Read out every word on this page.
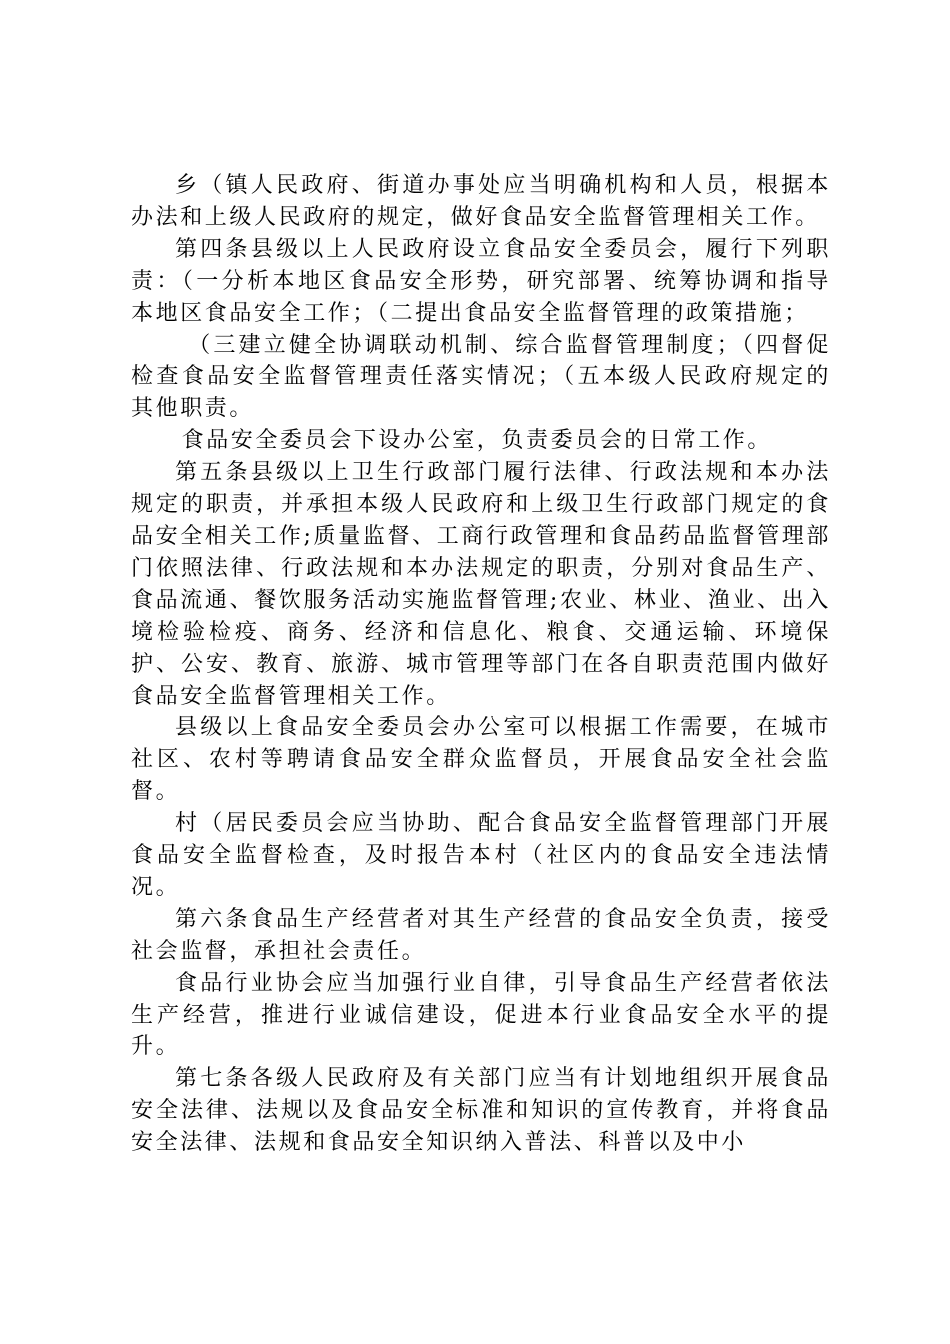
乡（镇人民政府、街道办事处应当明确机构和人员，根据本办法和上级人民政府的规定，做好食品安全监督管理相关工作。

第四条县级以上人民政府设立食品安全委员会，履行下列职责：（一分析本地区食品安全形势，研究部署、统筹协调和指导本地区食品安全工作；（二提出食品安全监督管理的政策措施；

（三建立健全协调联动机制、综合监督管理制度；（四督促检查食品安全监督管理责任落实情况；（五本级人民政府规定的其他职责。

食品安全委员会下设办公室，负责委员会的日常工作。

第五条县级以上卫生行政部门履行法律、行政法规和本办法规定的职责，并承担本级人民政府和上级卫生行政部门规定的食品安全相关工作;质量监督、工商行政管理和食品药品监督管理部门依照法律、行政法规和本办法规定的职责，分别对食品生产、食品流通、餐饮服务活动实施监督管理;农业、林业、渔业、出入境检验检疫、商务、经济和信息化、粮食、交通运输、环境保护、公安、教育、旅游、城市管理等部门在各自职责范围内做好食品安全监督管理相关工作。

县级以上食品安全委员会办公室可以根据工作需要，在城市社区、农村等聘请食品安全群众监督员，开展食品安全社会监督。

村（居民委员会应当协助、配合食品安全监督管理部门开展食品安全监督检查，及时报告本村（社区内的食品安全违法情况。

第六条食品生产经营者对其生产经营的食品安全负责，接受社会监督，承担社会责任。

食品行业协会应当加强行业自律，引导食品生产经营者依法生产经营，推进行业诚信建设，促进本行业食品安全水平的提升。

第七条各级人民政府及有关部门应当有计划地组织开展食品安全法律、法规以及食品安全标准和知识的宣传教育，并将食品安全法律、法规和食品安全知识纳入普法、科普以及中小
